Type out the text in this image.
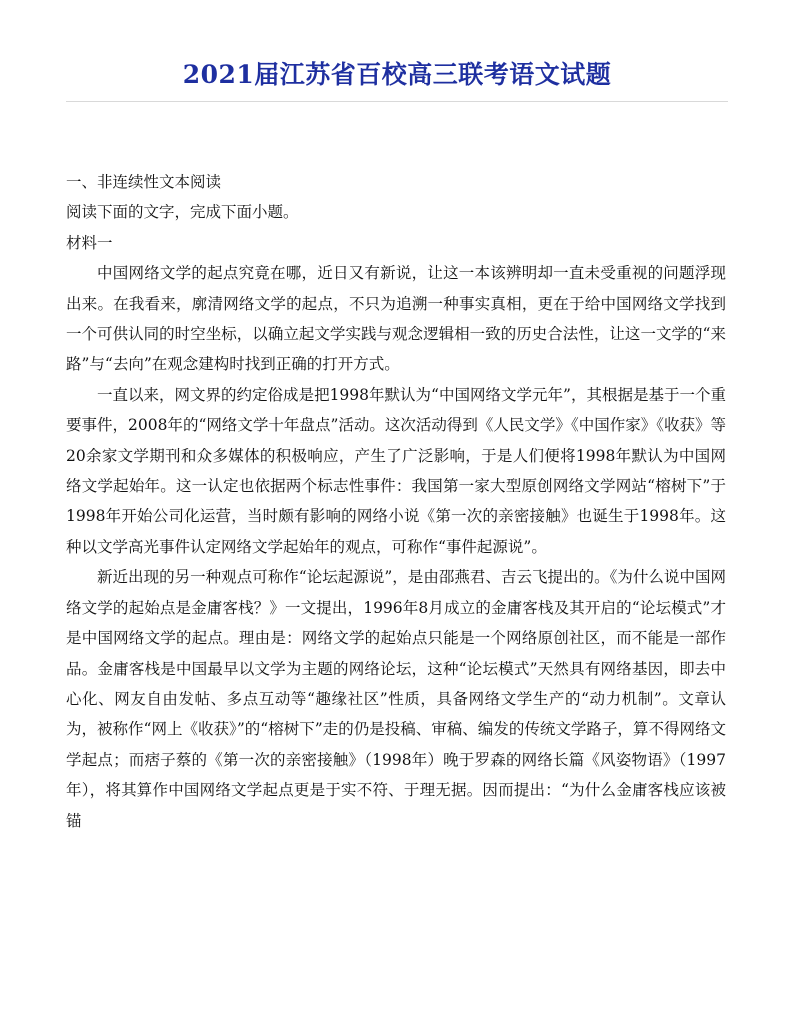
2021届江苏省百校高三联考语文试题

一、非连续性文本阅读

阅读下面的文字，完成下面小题。

材料一

中国网络文学的起点究竟在哪，近日又有新说，让这一本该辨明却一直未受重视的问题浮现出来。在我看来，廓清网络文学的起点，不只为追溯一种事实真相，更在于给中国网络文学找到一个可供认同的时空坐标，以确立起文学实践与观念逻辑相一致的历史合法性，让这一文学的“来路”与“去向”在观念建构时找到正确的打开方式。

一直以来，网文界的约定俗成是把1998年默认为“中国网络文学元年”，其根据是基于一个重要事件，2008年的“网络文学十年盘点”活动。这次活动得到《人民文学》《中国作家》《收获》等20余家文学期刊和众多媒体的积极响应，产生了广泛影响，于是人们便将1998年默认为中国网络文学起始年。这一认定也依据两个标志性事件：我国第一家大型原创网络文学网站“榕树下”于1998年开始公司化运营，当时颇有影响的网络小说《第一次的亲密接触》也诞生于1998年。这种以文学高光事件认定网络文学起始年的观点，可称作“事件起源说”。

新近出现的另一种观点可称作“论坛起源说”，是由邵燕君、吉云飞提出的。《为什么说中国网络文学的起始点是金庸客栈？》一文提出，1996年8月成立的金庸客栈及其开启的“论坛模式”才是中国网络文学的起点。理由是：网络文学的起始点只能是一个网络原创社区，而不能是一部作品。金庸客栈是中国最早以文学为主题的网络论坛，这种“论坛模式”天然具有网络基因，即去中心化、网友自由发帖、多点互动等“趣缘社区”性质，具备网络文学生产的“动力机制”。文章认为，被称作“网上《收获》”的“榕树下”走的仍是投稿、审稿、编发的传统文学路子，算不得网络文学起点；而痞子蔡的《第一次的亲密接触》（1998年）晚于罗森的网络长篇《风姿物语》（1997年），将其算作中国网络文学起点更是于实不符、于理无据。因而提出：“为什么金庸客栈应该被锚
